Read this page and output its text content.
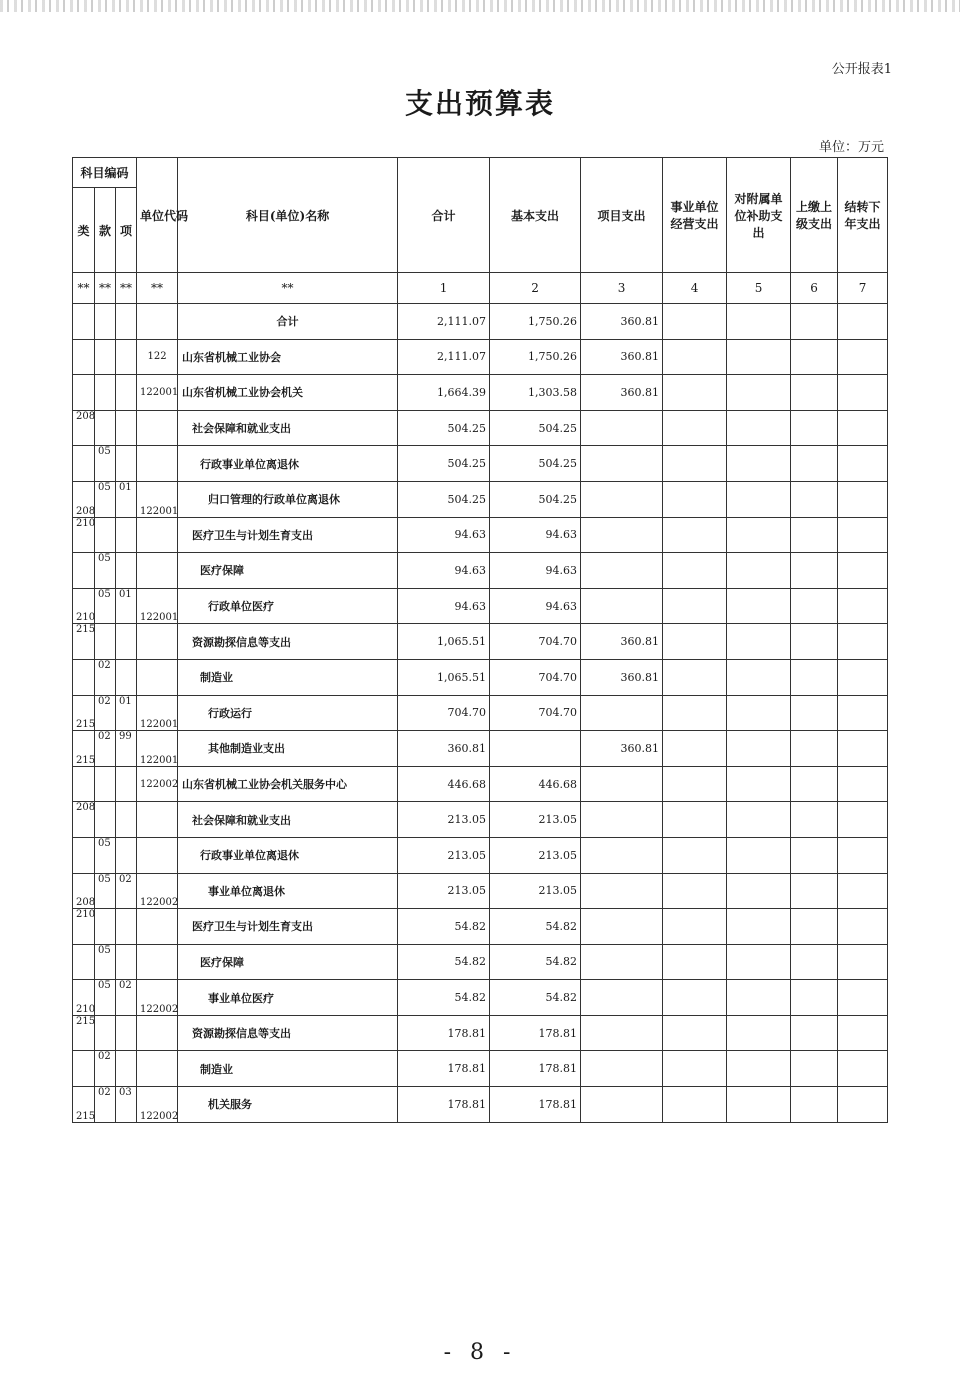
公开报表1
支出预算表
单位：万元
科目编码			单位代码	科目(单位)名称	合计	基本支出	项目支出	事业单位经营支出	对附属单位补助支出	上缴上级支出	结转下年支出
类	款	项									
**	**	**	**	**	1	2	3	4	5	6	7
				合计	2,111.07	1,750.26	360.81				
			122	山东省机械工业协会	2,111.07	1,750.26	360.81				
			122001	山东省机械工业协会机关	1,664.39	1,303.58	360.81				
208				社会保障和就业支出	504.25	504.25					
	05			行政事业单位离退休	504.25	504.25					
208	05	01	122001	归口管理的行政单位离退休	504.25	504.25					
210				医疗卫生与计划生育支出	94.63	94.63					
	05			医疗保障	94.63	94.63					
210	05	01	122001	行政单位医疗	94.63	94.63					
215				资源勘探信息等支出	1,065.51	704.70	360.81				
	02			制造业	1,065.51	704.70	360.81				
215	02	01	122001	行政运行	704.70	704.70					
215	02	99	122001	其他制造业支出	360.81		360.81				
			122002	山东省机械工业协会机关服务中心	446.68	446.68					
208				社会保障和就业支出	213.05	213.05					
	05			行政事业单位离退休	213.05	213.05					
208	05	02	122002	事业单位离退休	213.05	213.05					
210				医疗卫生与计划生育支出	54.82	54.82					
	05			医疗保障	54.82	54.82					
210	05	02	122002	事业单位医疗	54.82	54.82					
215				资源勘探信息等支出	178.81	178.81					
	02			制造业	178.81	178.81					
215	02	03	122002	机关服务	178.81	178.81					
- 8 -
